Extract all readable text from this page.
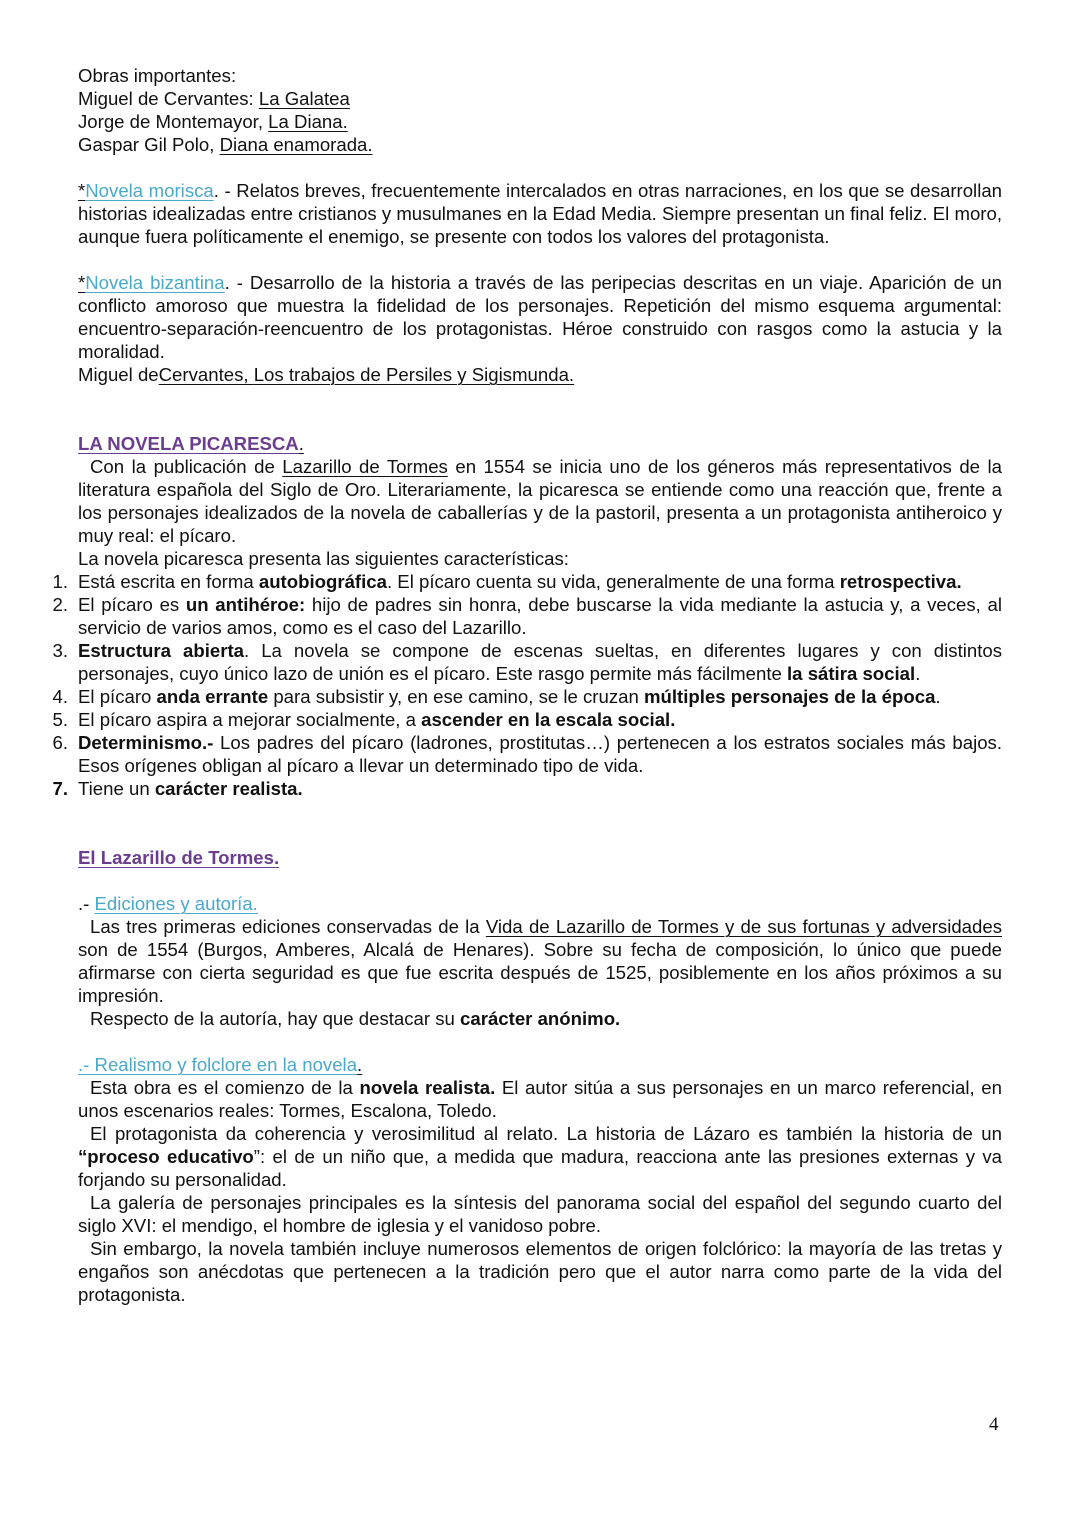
Obras importantes:

Miguel de Cervantes: La Galatea

Jorge de Montemayor, La Diana.

Gaspar Gil Polo, Diana enamorada.

*Novela morisca. - Relatos breves, frecuentemente intercalados en otras narraciones, en los que se desarrollan historias idealizadas entre cristianos y musulmanes en la Edad Media. Siempre presentan un final feliz. El moro, aunque fuera políticamente el enemigo, se presente con todos los valores del protagonista.

*Novela bizantina. - Desarrollo de la historia a través de las peripecias descritas en un viaje. Aparición de un conflicto amoroso que muestra la fidelidad de los personajes. Repetición del mismo esquema argumental: encuentro-separación-reencuentro de los protagonistas. Héroe construido con rasgos como la astucia y la moralidad.

Miguel deCervantes, Los trabajos de Persiles y Sigismunda.

LA NOVELA PICARESCA.

Con la publicación de Lazarillo de Tormes en 1554 se inicia uno de los géneros más representativos de la literatura española del Siglo de Oro. Literariamente, la picaresca se entiende como una reacción que, frente a los personajes idealizados de la novela de caballerías y de la pastoril, presenta a un protagonista antiheroico y muy real: el pícaro.

La novela picaresca presenta las siguientes características:

1. Está escrita en forma autobiográfica. El pícaro cuenta su vida, generalmente de una forma retrospectiva.
2. El pícaro es un antihéroe: hijo de padres sin honra, debe buscarse la vida mediante la astucia y, a veces, al servicio de varios amos, como es el caso del Lazarillo.
3. Estructura abierta. La novela se compone de escenas sueltas, en diferentes lugares y con distintos personajes, cuyo único lazo de unión es el pícaro. Este rasgo permite más fácilmente la sátira social.
4. El pícaro anda errante para subsistir y, en ese camino, se le cruzan múltiples personajes de la época.
5. El pícaro aspira a mejorar socialmente, a ascender en la escala social.
6. Determinismo.- Los padres del pícaro (ladrones, prostitutas…) pertenecen a los estratos sociales más bajos. Esos orígenes obligan al pícaro a llevar un determinado tipo de vida.
7. Tiene un carácter realista.

El Lazarillo de Tormes.

.- Ediciones y autoría.

Las tres primeras ediciones conservadas de la Vida de Lazarillo de Tormes y de sus fortunas y adversidades son de 1554 (Burgos, Amberes, Alcalá de Henares). Sobre su fecha de composición, lo único que puede afirmarse con cierta seguridad es que fue escrita después de 1525, posiblemente en los años próximos a su impresión.

Respecto de la autoría, hay que destacar su carácter anónimo.

.- Realismo y folclore en la novela.

Esta obra es el comienzo de la novela realista. El autor sitúa a sus personajes en un marco referencial, en unos escenarios reales: Tormes, Escalona, Toledo.

El protagonista da coherencia y verosimilitud al relato. La historia de Lázaro es también la historia de un “proceso educativo”: el de un niño que, a medida que madura, reacciona ante las presiones externas y va forjando su personalidad.

La galería de personajes principales es la síntesis del panorama social del español del segundo cuarto del siglo XVI: el mendigo, el hombre de iglesia y el vanidoso pobre.

Sin embargo, la novela también incluye numerosos elementos de origen folclórico: la mayoría de las tretas y engaños son anécdotas que pertenecen a la tradición pero que el autor narra como parte de la vida del protagonista.

4
